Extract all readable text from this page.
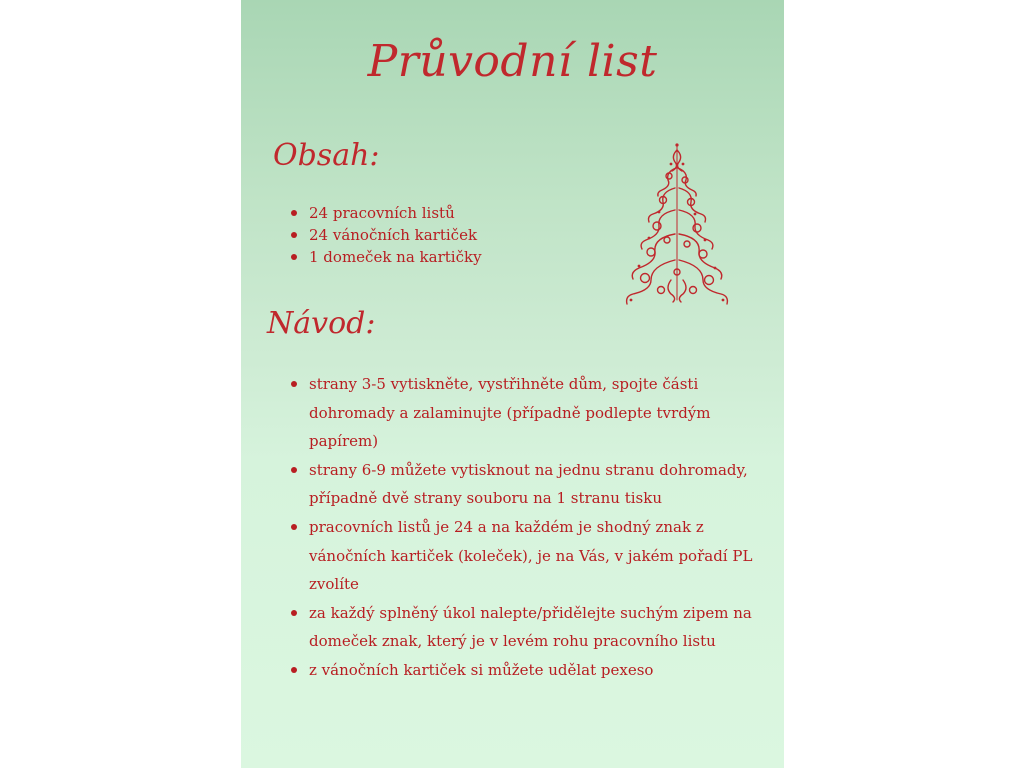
Průvodní list
Obsah:
24 pracovních listů
24 vánočních kartiček
1 domeček na kartičky
Návod:
strany 3-5 vytiskněte, vystřihněte dům, spojte části dohromady a zalaminujte (případně podlepte tvrdým papírem)
strany 6-9 můžete vytisknout na jednu stranu dohromady, případně dvě strany souboru na 1 stranu tisku
pracovních listů je 24 a na každém je shodný znak z vánočních kartiček (koleček), je na Vás, v jakém pořadí PL zvolíte
za každý splněný úkol nalepte/přidělejte suchým zipem na domeček znak, který je v levém rohu pracovního listu
z vánočních kartiček si můžete udělat pexeso
